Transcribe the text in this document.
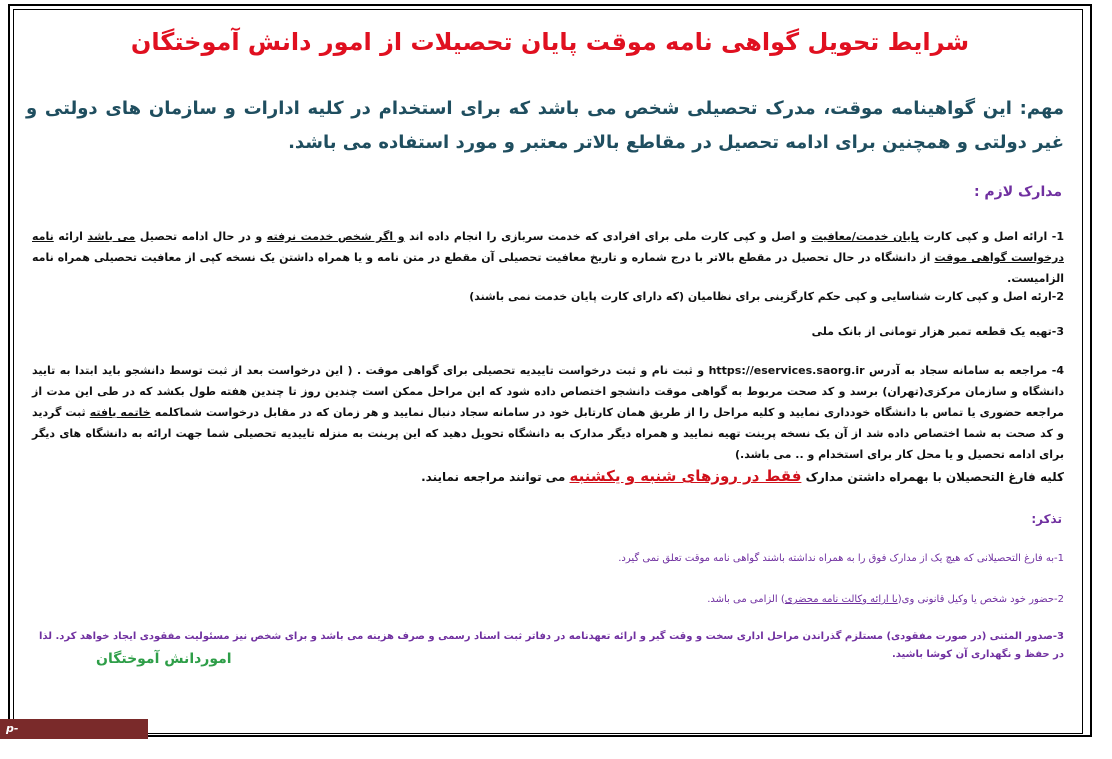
شرایط تحویل گواهی نامه موقت پایان تحصیلات از امور دانش آموختگان
مهم: این گواهینامه موقت، مدرک تحصیلی شخص می باشد که برای استخدام در کلیه ادارات و سازمان های دولتی و غیر دولتی و همچنین برای ادامه تحصیل در مقاطع بالاتر معتبر و مورد استفاده می باشد.
مدارک لازم :
1- ارائه اصل و کپی کارت پایان خدمت/معافیت و اصل و کپی کارت ملی برای افرادی که خدمت سربازی را انجام داده اند و اگر شخص خدمت نرفته و در حال ادامه تحصیل می باشد ارائه نامه درخواست گواهی موقت از دانشگاه در حال تحصیل در مقطع بالاتر با درج شماره و تاریخ معافیت تحصیلی آن مقطع در متن نامه و یا همراه داشتن یک نسخه کپی از معافیت تحصیلی همراه نامه الزامیست.
2-ارئه اصل و کپی کارت شناسایی و کپی حکم کارگزینی برای نظامیان (که دارای کارت پایان خدمت نمی باشند)
3-تهیه یک قطعه تمبر هزار تومانی از بانک ملی
4- مراجعه به سامانه سجاد به آدرس https://eservices.saorg.ir و ثبت نام و ثبت درخواست تاییدیه تحصیلی برای گواهی موقت . ( این درخواست بعد از ثبت توسط دانشجو باید ابتدا به تایید دانشگاه و سازمان مرکزی(تهران) برسد و کد صحت مربوط به گواهی موقت دانشجو اختصاص داده شود که این مراحل ممکن است چندین روز تا چندین هفته طول بکشد که در طی این مدت از مراجعه حضوری یا تماس با دانشگاه خودداری نمایید و کلیه مراحل را از طریق همان کارتابل خود در سامانه سجاد دنبال نمایید و هر زمان که در مقابل درخواست شماکلمه خاتمه یافته ثبت گردید و کد صحت به شما اختصاص داده شد از آن یک نسخه پرینت تهیه نمایید و همراه دیگر مدارک به دانشگاه تحویل دهید که این پرینت به منزله تاییدیه تحصیلی شما جهت ارائه به دانشگاه های دیگر برای ادامه تحصیل و یا محل کار برای استخدام و .. می باشد.)
کلیه فارغ التحصیلان با بهمراه داشتن مدارک فقط در روزهای شنبه و یکشنبه می توانند مراجعه نمایند.
تذکر:
1-به فارغ التحصیلانی که هیچ یک از مدارک فوق را به همراه نداشته باشند گواهی نامه موقت تعلق نمی گیرد.
2-حضور خود شخص یا وکیل قانونی وی(با ارائه وکالت نامه محضری) الزامی می باشد.
3-صدور المثنی (در صورت مفقودی) مستلزم گذراندن مراحل اداری سخت و وقت گیر و ارائه تعهدنامه در دفاتر ثبت اسناد رسمی و صرف هزینه می باشد و برای شخص نیز مسئولیت مفقودی ایجاد خواهد کرد. لذا در حفظ و نگهداری آن کوشا باشید.
اموردانش آموختگان
p-aliabadkatool.nusac.ir
